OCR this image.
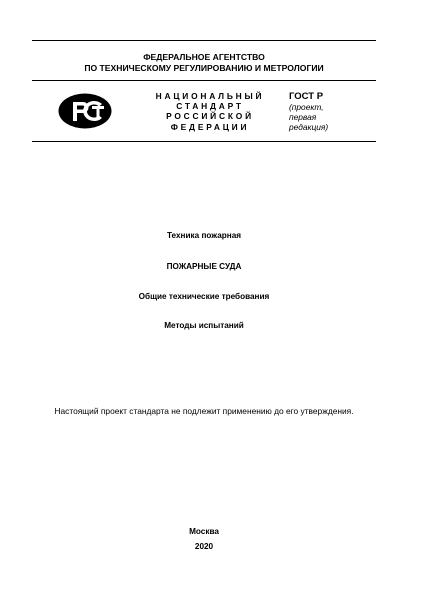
ФЕДЕРАЛЬНОЕ АГЕНТСТВО
ПО ТЕХНИЧЕСКОМУ РЕГУЛИРОВАНИЮ И МЕТРОЛОГИИ
НАЦИОНАЛЬНЫЙ
СТАНДАРТ
РОССИЙСКОЙ
ФЕДЕРАЦИИ
ГОСТ Р
(проект,
первая
редакция)
Техника пожарная
ПОЖАРНЫЕ СУДА
Общие технические требования
Методы испытаний
Настоящий проект стандарта не подлежит применению до его утверждения.
Москва
2020
